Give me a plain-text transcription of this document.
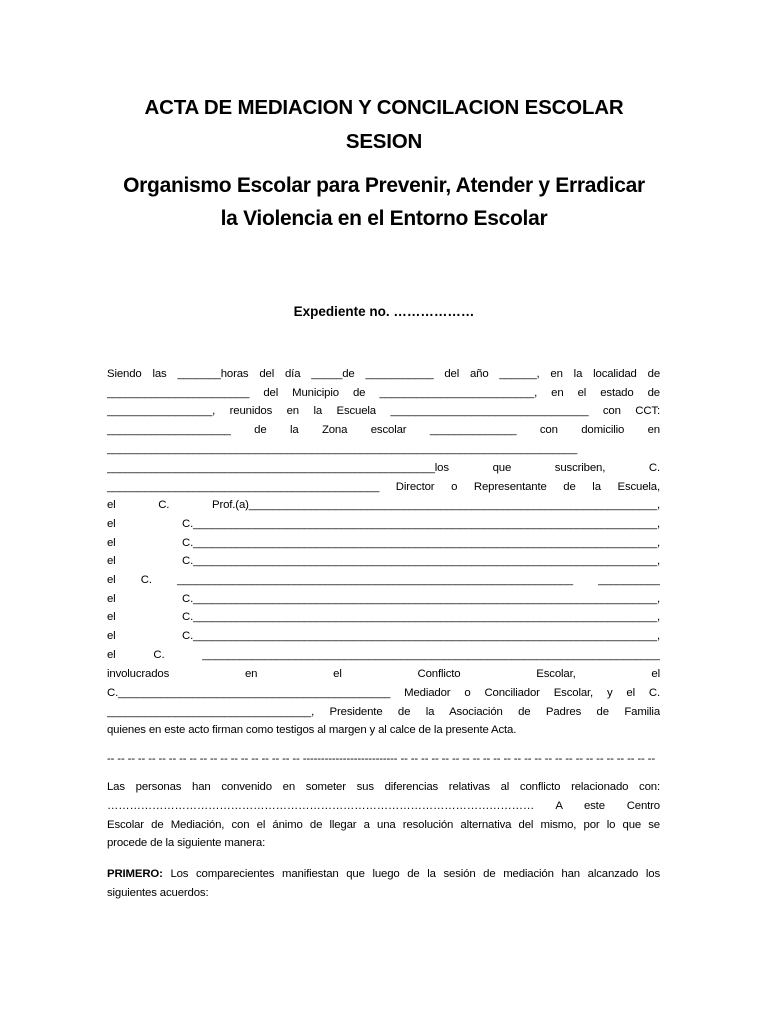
ACTA DE MEDIACION Y CONCILACION ESCOLAR
SESION
Organismo Escolar para Prevenir, Atender y Erradicar
la Violencia en el Entorno Escolar
Expediente no. ………………
Siendo las _______horas del día _____de ___________ del año ______, en la localidad de
_______________________ del Municipio de _________________________, en el estado de
_________________, reunidos en la Escuela ________________________________ con CCT:
____________________ de la Zona escolar ______________ con domicilio en
____________________________________________________________________________
_____________________________________________________los que suscriben, C.
____________________________________________ Director o Representante de la Escuela,
el C. Prof.(a)__________________________________________________________________,
el C.___________________________________________________________________________,
el C.___________________________________________________________________________,
el C.___________________________________________________________________________,
el C. ________________________________________________________________ __________
el C.___________________________________________________________________________,
el C.___________________________________________________________________________,
el C.___________________________________________________________________________,
el C. __________________________________________________________________________
involucrados en el Conflicto Escolar, el
C.____________________________________________ Mediador o Conciliador Escolar, y el C.
_________________________________, Presidente de la Asociación de Padres de Familia
quienes en este acto firman como testigos al margen y al calce de la presente Acta.
-- -- -- -- -- -- -- -- -- -- -- -- -- -- -- -- -- -- -- -------------------------- -- -- -- -- -- -- -- -- -- -- -- -- -- -- -- -- -- -- -- -- -- -- -- -- --
Las personas han convenido en someter sus diferencias relativas al conflicto relacionado con:
…………………………………………………………………………………………………… A este Centro
Escolar de Mediación, con el ánimo de llegar a una resolución alternativa del mismo, por lo que se
procede de la siguiente manera:
PRIMERO: Los comparecientes manifiestan que luego de la sesión de mediación han alcanzado los
siguientes acuerdos:
